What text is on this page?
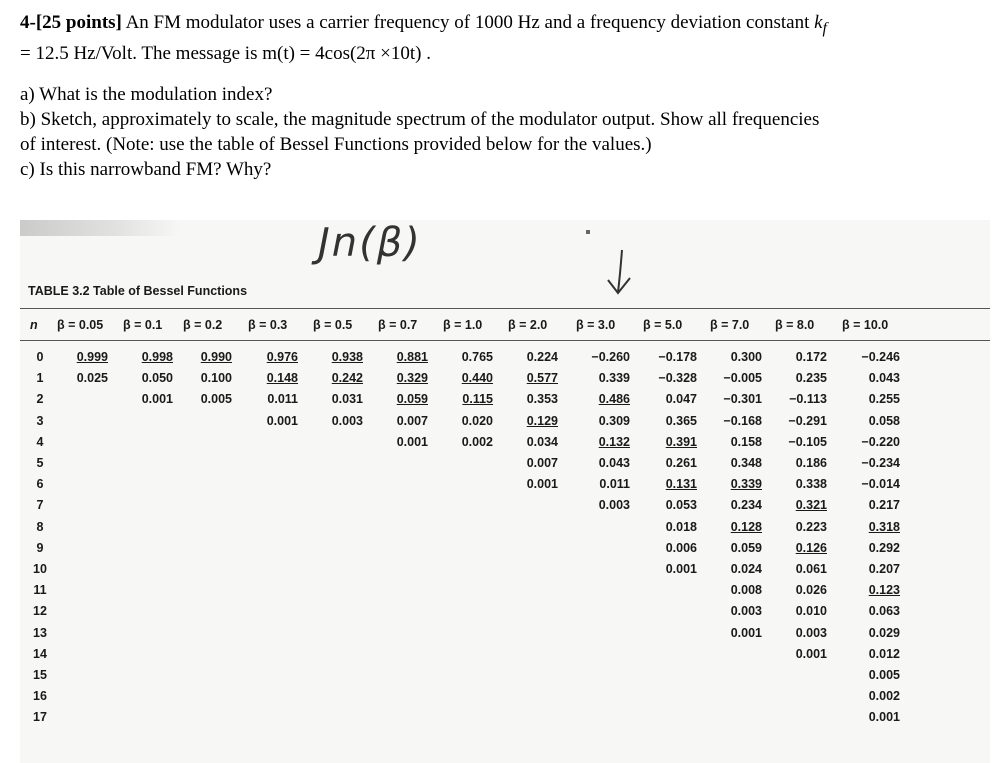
4-[25 points] An FM modulator uses a carrier frequency of 1000 Hz and a frequency deviation constant $k_f$

= 12.5 Hz/Volt. The message is m(t) = 4cos(2π ×10t) .

a) What is the modulation index?

b) Sketch, approximately to scale, the magnitude spectrum of the modulator output. Show all frequencies

of interest. (Note: use the table of Bessel Functions provided below for the values.)

c) Is this narrowband FM? Why?

Jn(β)
TABLE 3.2 Table of Bessel Functions
n β = 0.05 β = 0.1 β = 0.2 β = 0.3 β = 0.5 β = 0.7 β = 1.0 β = 2.0 β = 3.0 β = 5.0 β = 7.0 β = 8.0 β = 10.0
0
1
2
3
4
5
6
7
8
9
10
11
12
13
14
15
16
17
0.999
0.025
0.998
0.050
0.001
0.990
0.100
0.005
0.976
0.148
0.011
0.001
0.938
0.242
0.031
0.003
0.881
0.329
0.059
0.007
0.001
0.765
0.440
0.115
0.020
0.002
0.224
0.577
0.353
0.129
0.034
0.007
0.001
−0.260
0.339
0.486
0.309
0.132
0.043
0.011
0.003
−0.178
−0.328
0.047
0.365
0.391
0.261
0.131
0.053
0.018
0.006
0.001
0.300
−0.005
−0.301
−0.168
0.158
0.348
0.339
0.234
0.128
0.059
0.024
0.008
0.003
0.001
0.172
0.235
−0.113
−0.291
−0.105
0.186
0.338
0.321
0.223
0.126
0.061
0.026
0.010
0.003
0.001
−0.246
0.043
0.255
0.058
−0.220
−0.234
−0.014
0.217
0.318
0.292
0.207
0.123
0.063
0.029
0.012
0.005
0.002
0.001
